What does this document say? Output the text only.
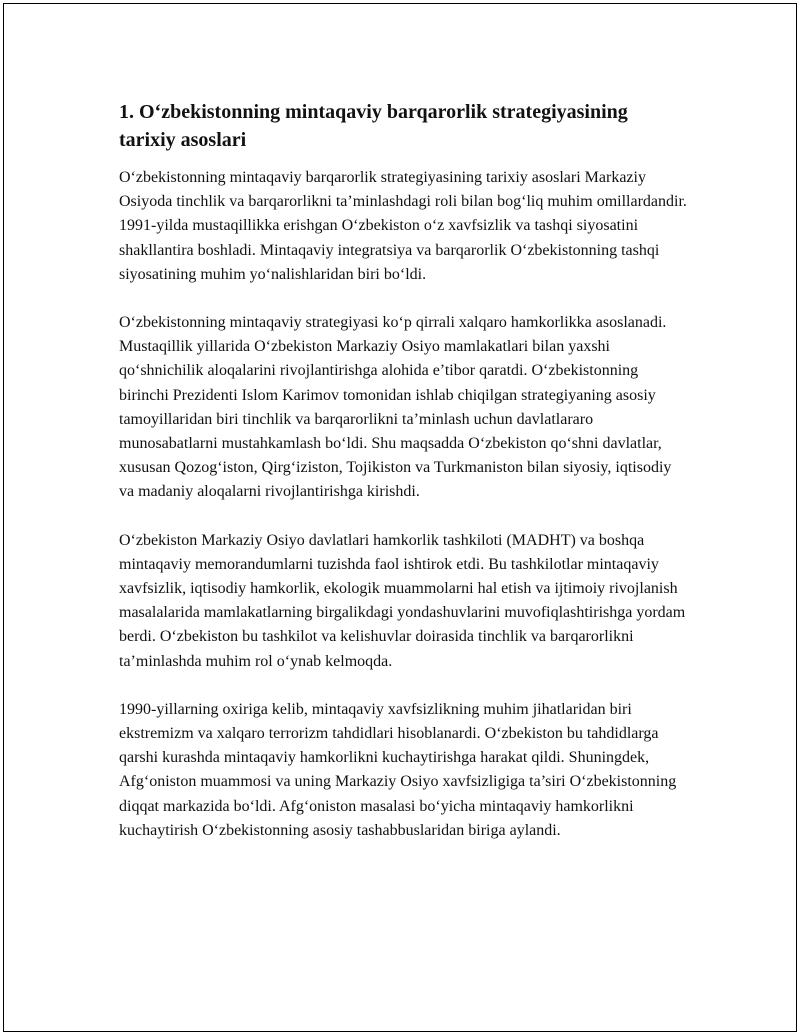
1. O‘zbekistonning mintaqaviy barqarorlik strategiyasining tarixiy asoslari

O‘zbekistonning mintaqaviy barqarorlik strategiyasining tarixiy asoslari Markaziy Osiyoda tinchlik va barqarorlikni ta’minlashdagi roli bilan bog‘liq muhim omillardandir. 1991-yilda mustaqillikka erishgan O‘zbekiston o‘z xavfsizlik va tashqi siyosatini shakllantira boshladi. Mintaqaviy integratsiya va barqarorlik O‘zbekistonning tashqi siyosatining muhim yo‘nalishlaridan biri bo‘ldi.

O‘zbekistonning mintaqaviy strategiyasi ko‘p qirrali xalqaro hamkorlikka asoslanadi. Mustaqillik yillarida O‘zbekiston Markaziy Osiyo mamlakatlari bilan yaxshi qo‘shnichilik aloqalarini rivojlantirishga alohida e’tibor qaratdi. O‘zbekistonning birinchi Prezidenti Islom Karimov tomonidan ishlab chiqilgan strategiyaning asosiy tamoyillaridan biri tinchlik va barqarorlikni ta’minlash uchun davlatlararo munosabatlarni mustahkamlash bo‘ldi. Shu maqsadda O‘zbekiston qo‘shni davlatlar, xususan Qozog‘iston, Qirg‘iziston, Tojikiston va Turkmaniston bilan siyosiy, iqtisodiy va madaniy aloqalarni rivojlantirishga kirishdi.

O‘zbekiston Markaziy Osiyo davlatlari hamkorlik tashkiloti (MADHT) va boshqa mintaqaviy memorandumlarni tuzishda faol ishtirok etdi. Bu tashkilotlar mintaqaviy xavfsizlik, iqtisodiy hamkorlik, ekologik muammolarni hal etish va ijtimoiy rivojlanish masalalarida mamlakatlarning birgalikdagi yondashuvlarini muvofiqlashtirishga yordam berdi. O‘zbekiston bu tashkilot va kelishuvlar doirasida tinchlik va barqarorlikni ta’minlashda muhim rol o‘ynab kelmoqda.

1990-yillarning oxiriga kelib, mintaqaviy xavfsizlikning muhim jihatlaridan biri ekstremizm va xalqaro terrorizm tahdidlari hisoblanardi. O‘zbekiston bu tahdidlarga qarshi kurashda mintaqaviy hamkorlikni kuchaytirishga harakat qildi. Shuningdek, Afg‘oniston muammosi va uning Markaziy Osiyo xavfsizligiga ta’siri O‘zbekistonning diqqat markazida bo‘ldi. Afg‘oniston masalasi bo‘yicha mintaqaviy hamkorlikni kuchaytirish O‘zbekistonning asosiy tashabbuslaridan biriga aylandi.
